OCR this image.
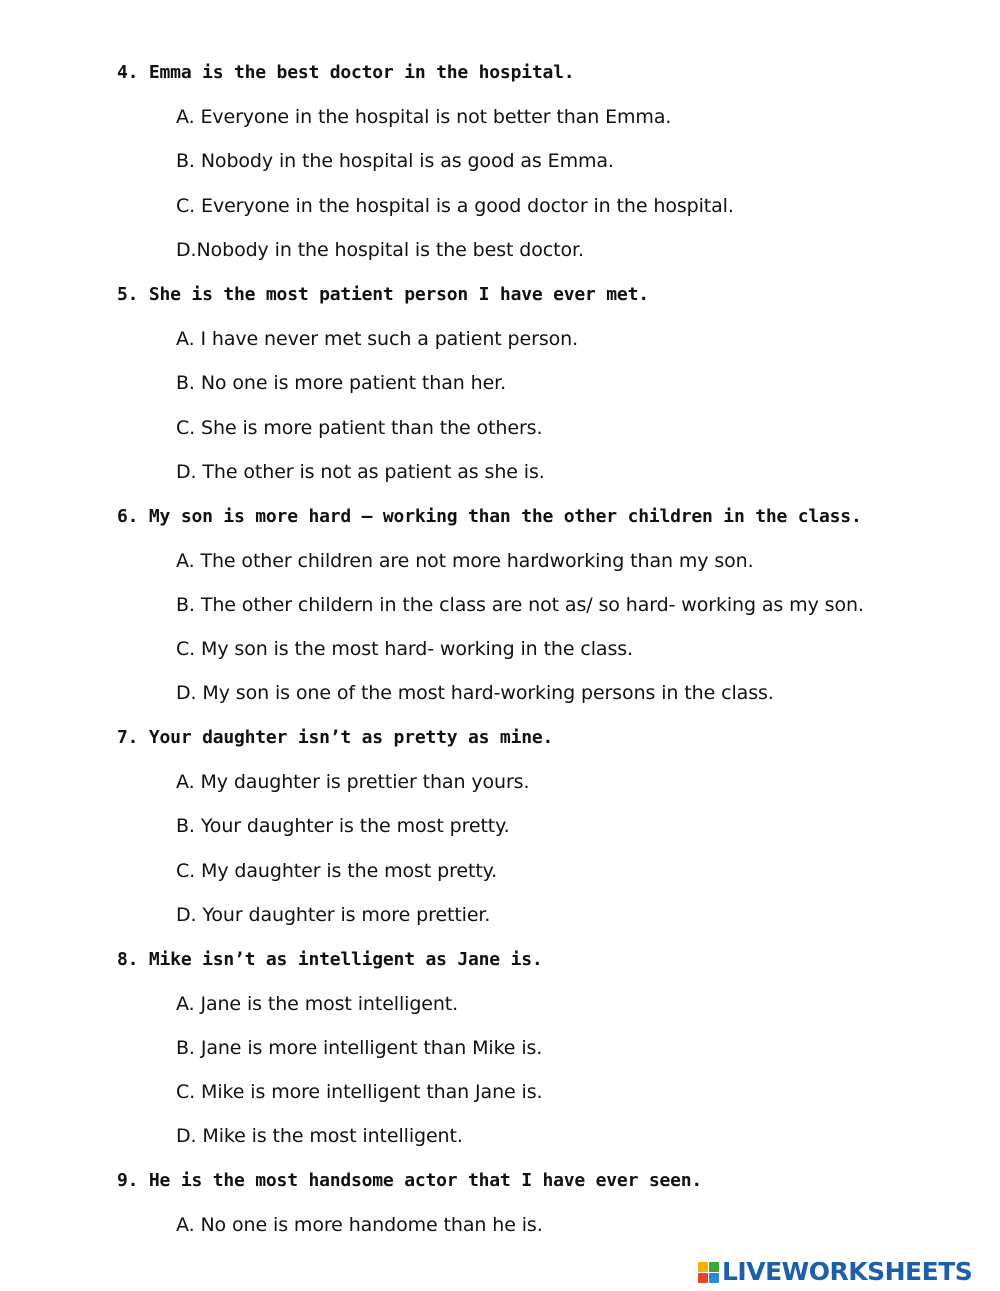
4. Emma is the best doctor in the hospital.
A. Everyone in the hospital is not better than Emma.
B. Nobody in the hospital is as good as Emma.
C. Everyone in the hospital is a good doctor in the hospital.
D.Nobody in the hospital is the best doctor.
5. She is the most patient person I have ever met.
A. I have never met such a patient person.
B. No one is more patient than her.
C. She is more patient than the others.
D. The other is not as patient as she is.
6. My son is more hard – working than the other children in the class.
A. The other children are not more hardworking than my son.
B. The other childern in the class are not as/ so hard- working as my son.
C. My son is the most hard- working in the class.
D. My son is one of the most hard-working persons in the class.
7. Your daughter isn’t as pretty as mine.
A. My daughter is prettier than yours.
B. Your daughter is the most pretty.
C. My daughter is the most pretty.
D. Your daughter is more prettier.
8. Mike isn’t as intelligent as Jane is.
A. Jane is the most intelligent.
B. Jane is more intelligent than Mike is.
C. Mike is more intelligent than Jane is.
D. Mike is the most intelligent.
9. He is the most handsome actor that I have ever seen.
A. No one is more handome than he is.
LIVEWORKSHEETS
